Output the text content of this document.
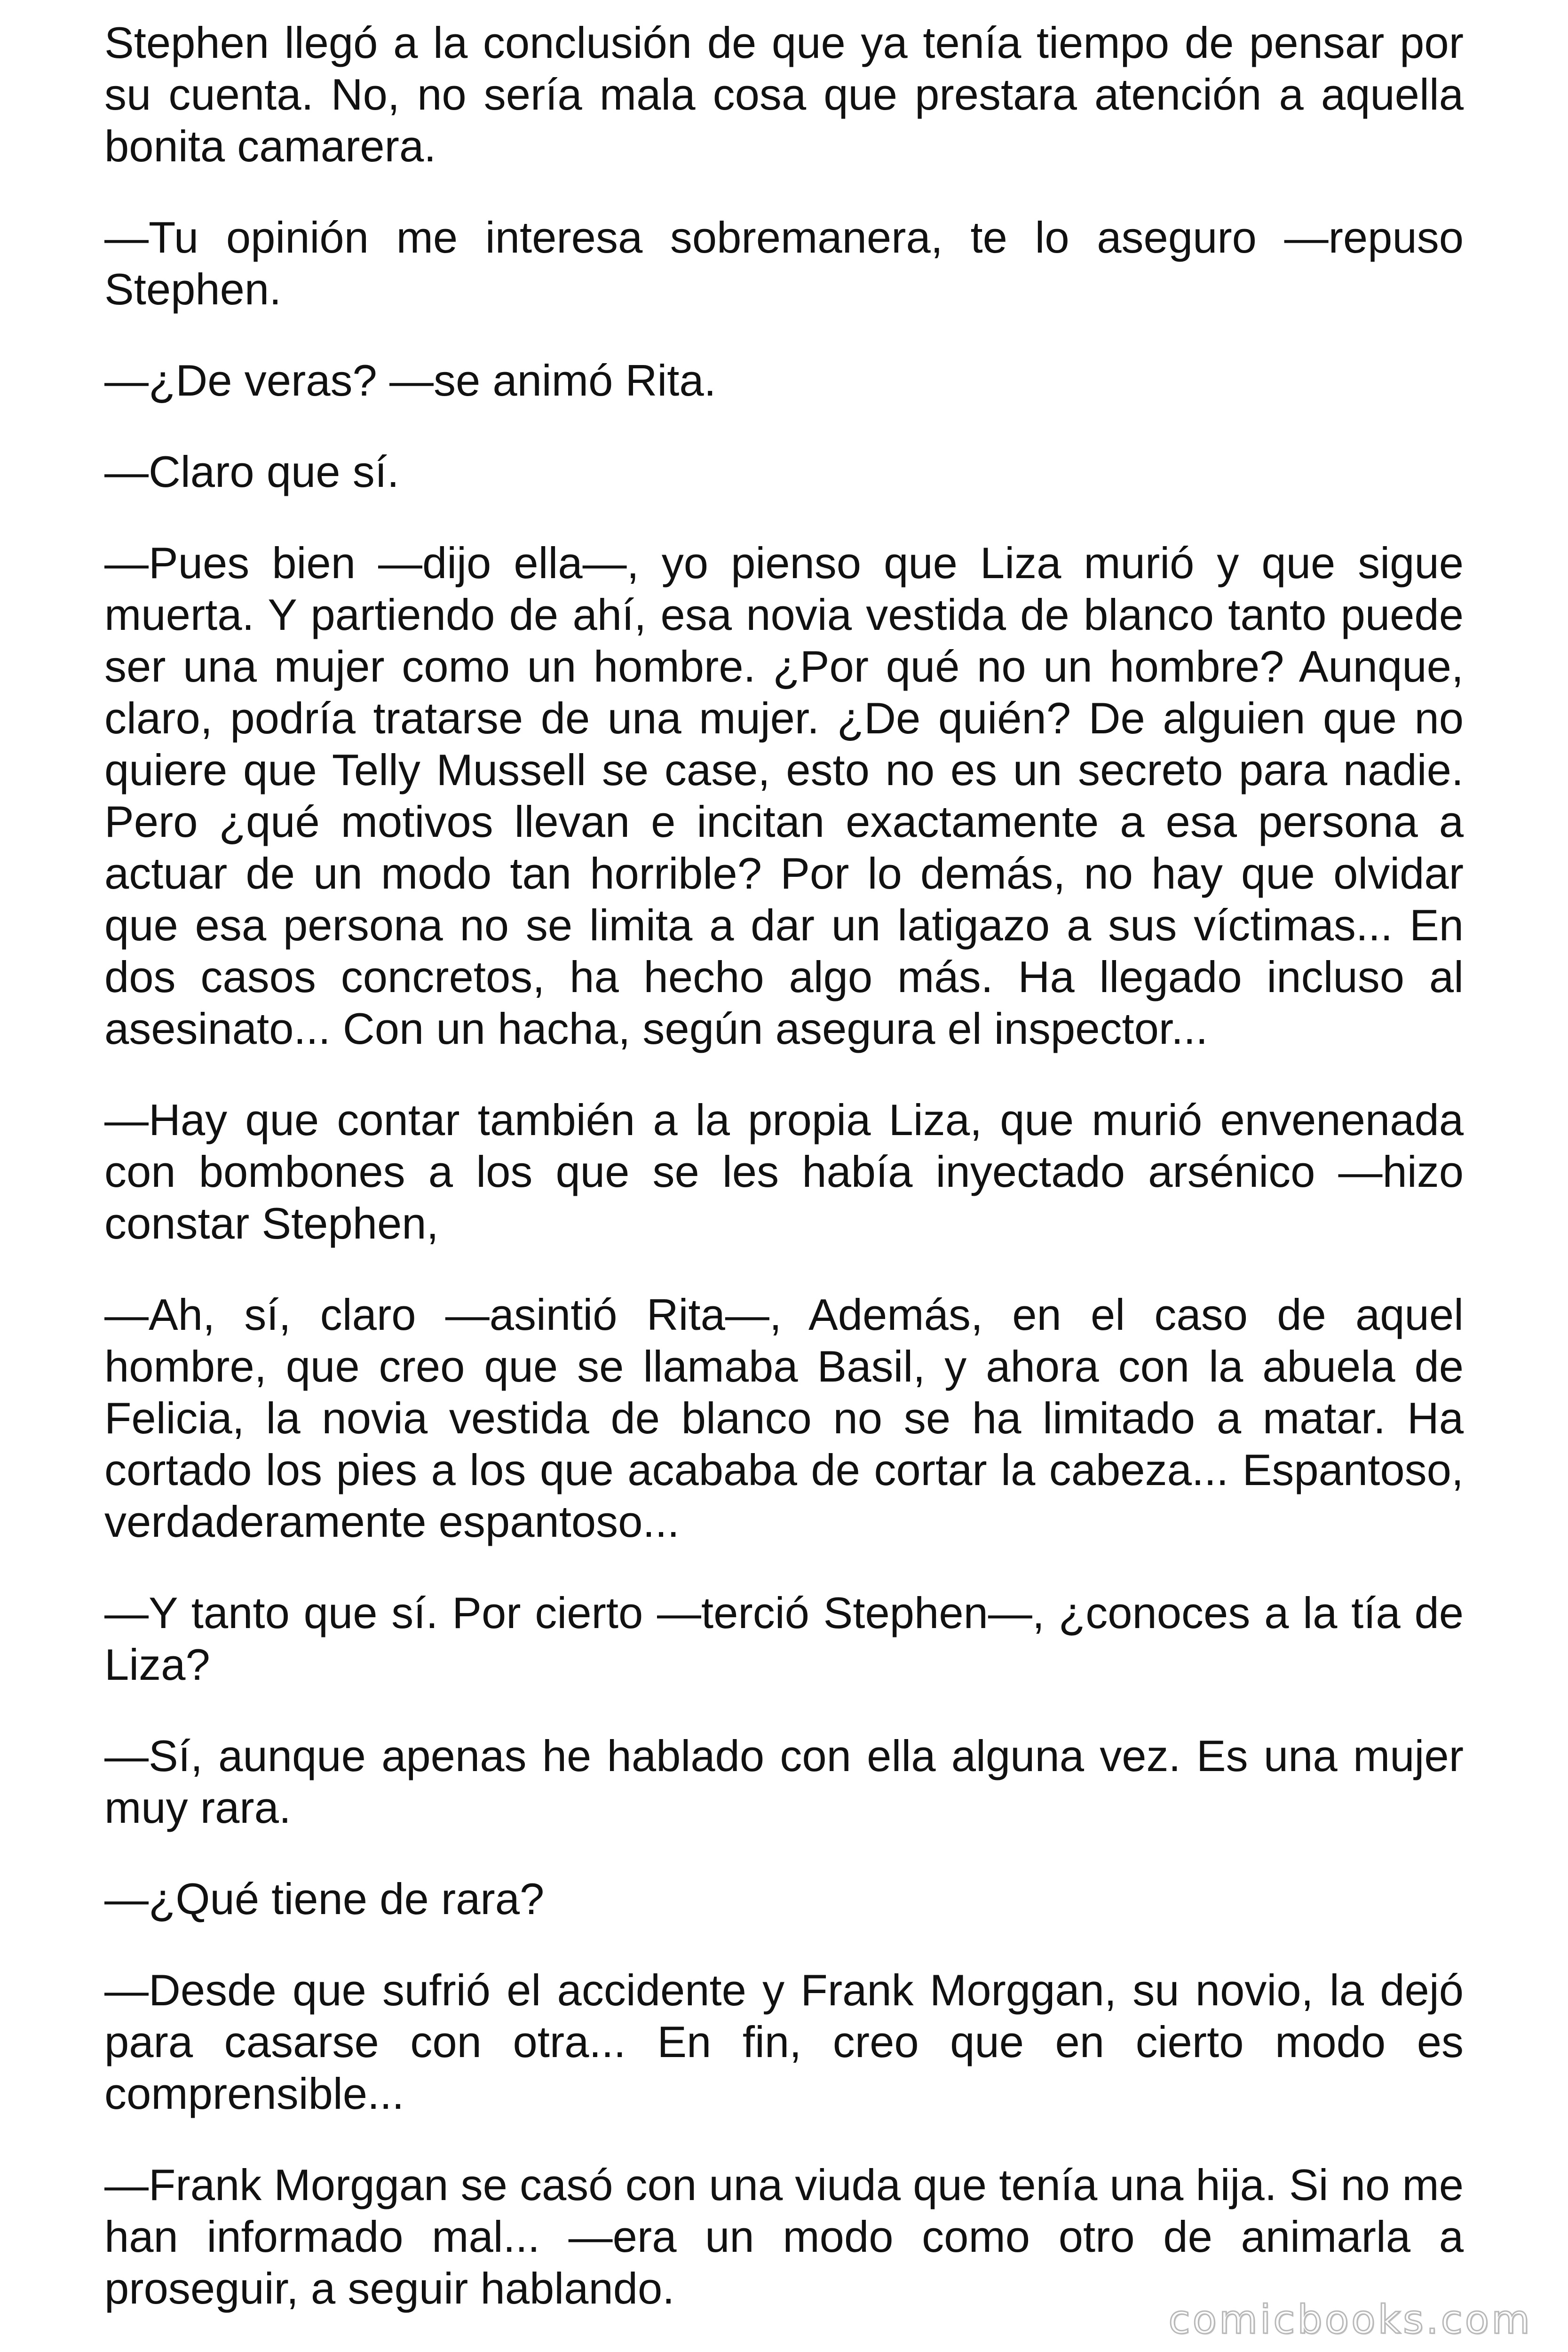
Stephen llegó a la conclusión de que ya tenía tiempo de pensar por su cuenta. No, no sería mala cosa que prestara atención a aquella bonita camarera.

—Tu opinión me interesa sobremanera, te lo aseguro —repuso Stephen.

—¿De veras? —se animó Rita.

—Claro que sí.

—Pues bien —dijo ella—, yo pienso que Liza murió y que sigue muerta. Y partiendo de ahí, esa novia vestida de blanco tanto puede ser una mujer como un hombre. ¿Por qué no un hombre? Aunque, claro, podría tratarse de una mujer. ¿De quién? De alguien que no quiere que Telly Mussell se case, esto no es un secreto para nadie. Pero ¿qué motivos llevan e incitan exactamente a esa persona a actuar de un modo tan horrible? Por lo demás, no hay que olvidar que esa persona no se limita a dar un latigazo a sus víctimas... En dos casos concretos, ha hecho algo más. Ha llegado incluso al asesinato... Con un hacha, según asegura el inspector...

—Hay que contar también a la propia Liza, que murió envenenada con bombones a los que se les había inyectado arsénico —hizo constar Stephen,

—Ah, sí, claro —asintió Rita—, Además, en el caso de aquel hombre, que creo que se llamaba Basil, y ahora con la abuela de Felicia, la novia vestida de blanco no se ha limitado a matar. Ha cortado los pies a los que acababa de cortar la cabeza... Espantoso, verdaderamente espantoso...

—Y tanto que sí. Por cierto —terció Stephen—, ¿conoces a la tía de Liza?

—Sí, aunque apenas he hablado con ella alguna vez. Es una mujer muy rara.

—¿Qué tiene de rara?

—Desde que sufrió el accidente y Frank Morggan, su novio, la dejó para casarse con otra... En fin, creo que en cierto modo es comprensible...

—Frank Morggan se casó con una viuda que tenía una hija. Si no me han informado mal... —era un modo como otro de animarla a proseguir, a seguir hablando.

comicbooks.com
